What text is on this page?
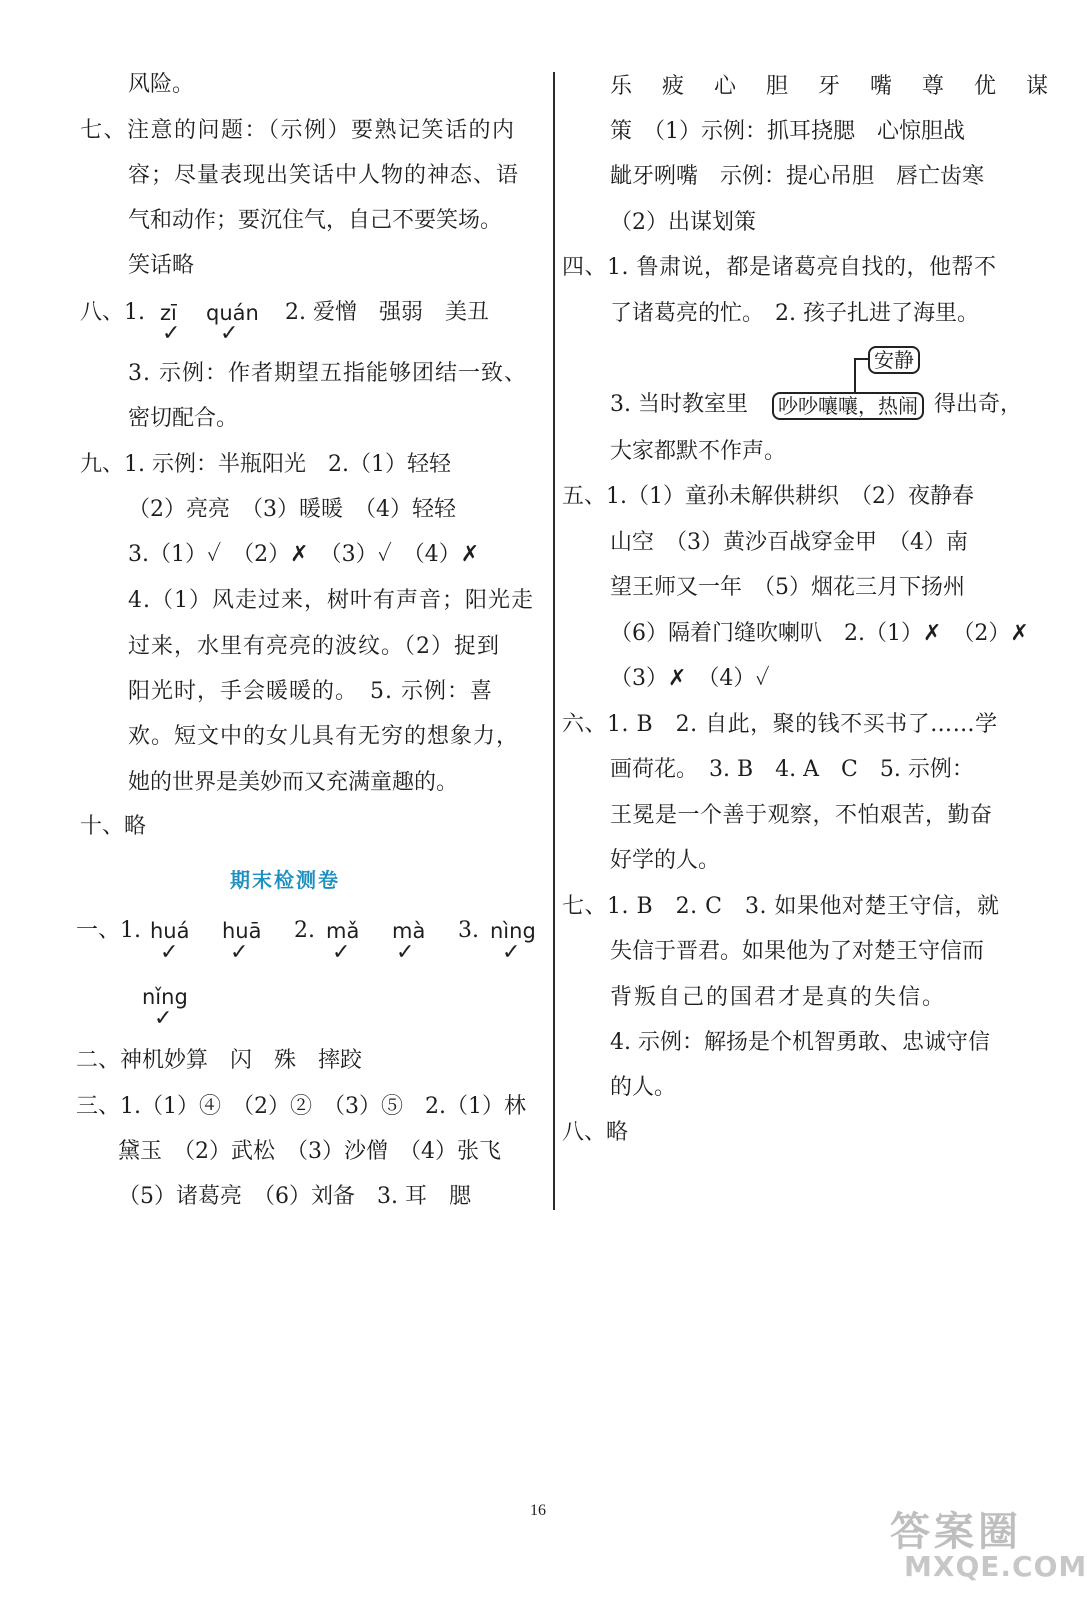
风险。
七、注意的问题：（示例）要熟记笑话的内
容；尽量表现出笑话中人物的神态、语
气和动作；要沉住气，自己不要笑场。
笑话略
八、1. zī quán
✓ ✓
2. 爱憎　强弱　美丑
3. 示例：作者期望五指能够团结一致、
密切配合。
九、1. 示例：半瓶阳光　2.（1）轻轻
（2）亮亮　（3）暖暖　（4）轻轻
3.（1）✓　（2）✗　（3）✓　（4）✗
4.（1）风走过来，树叶有声音；阳光走
过来，水里有亮亮的波纹。（2）捉到
阳光时，手会暖暖的。　5. 示例：喜
欢。短文中的女儿具有无穷的想象力，
她的世界是美妙而又充满童趣的。
十、略
期末检测卷
一、1. huá huā 2. mǎ mà 3. nìng
✓ ✓	✓ ✓	✓
nǐng
✓
二、神机妙算　闪　殊　摔跤
三、1.（1）④　（2）②　（3）⑤　2.（1）林
黛玉　（2）武松　（3）沙僧　（4）张飞
（5）诸葛亮　（6）刘备　3. 耳　腮
乐　疲　心　胆　牙　嘴　尊　优　谋
策　（1）示例：抓耳挠腮　心惊胆战
龇牙咧嘴　示例：提心吊胆　唇亡齿寒
（2）出谋划策
四、1. 鲁肃说，都是诸葛亮自找的，他帮不
了诸葛亮的忙。　2. 孩子扎进了海里。
安静
3. 当时教室里	吵吵嚷嚷，热闹 得出奇，
大家都默不作声。
五、1.（1）童孙未解供耕织　（2）夜静春
山空　（3）黄沙百战穿金甲　（4）南
望王师又一年　（5）烟花三月下扬州
（6）隔着门缝吹喇叭　2.（1）✗　（2）✗
（3）✗　（4）✓
六、1. B　2. 自此，聚的钱不买书了……学
画荷花。　3. B　4. A　C　5. 示例：
王冕是一个善于观察，不怕艰苦，勤奋
好学的人。
七、1. B　2. C　3. 如果他对楚王守信，就
失信于晋君。如果他为了对楚王守信而
背叛自己的国君才是真的失信。
4. 示例：解扬是个机智勇敢、忠诚守信
的人。
八、略
16	答案圈
MXQE.COM
